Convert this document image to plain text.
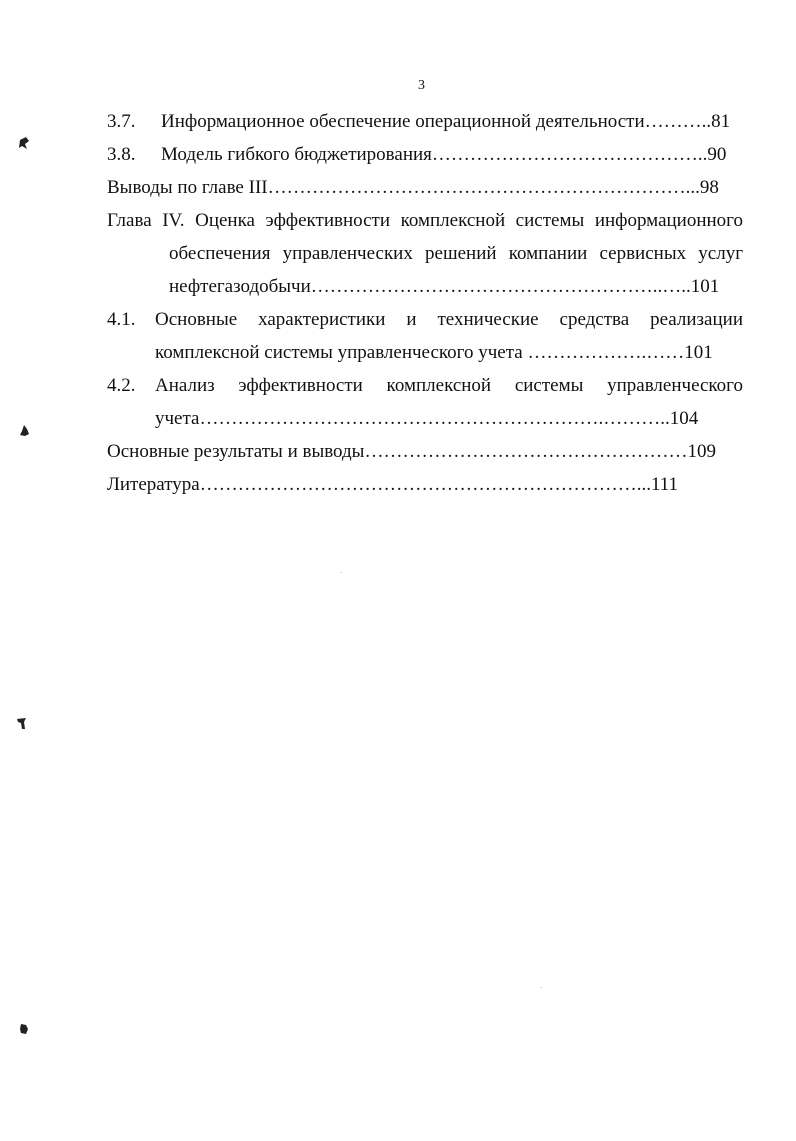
3
3.7. Информационное обеспечение операционной деятельности………..81
3.8. Модель гибкого бюджетирования……………………………………..90
Выводы по главе III…………………………………………………………...98
Глава IV. Оценка эффективности комплексной системы информационного
обеспечения управленческих решений компании сервисных услуг
нефтегазодобычи………………………………………………..…..101
4.1. Основные характеристики и технические средства реализации
комплексной системы управленческого учета ……………….……101
4.2. Анализ эффективности комплексной системы управленческого
учета……………………………………………………….………..104
Основные результаты и выводы……………………………………………109
Литература……………………………………………………………...111
